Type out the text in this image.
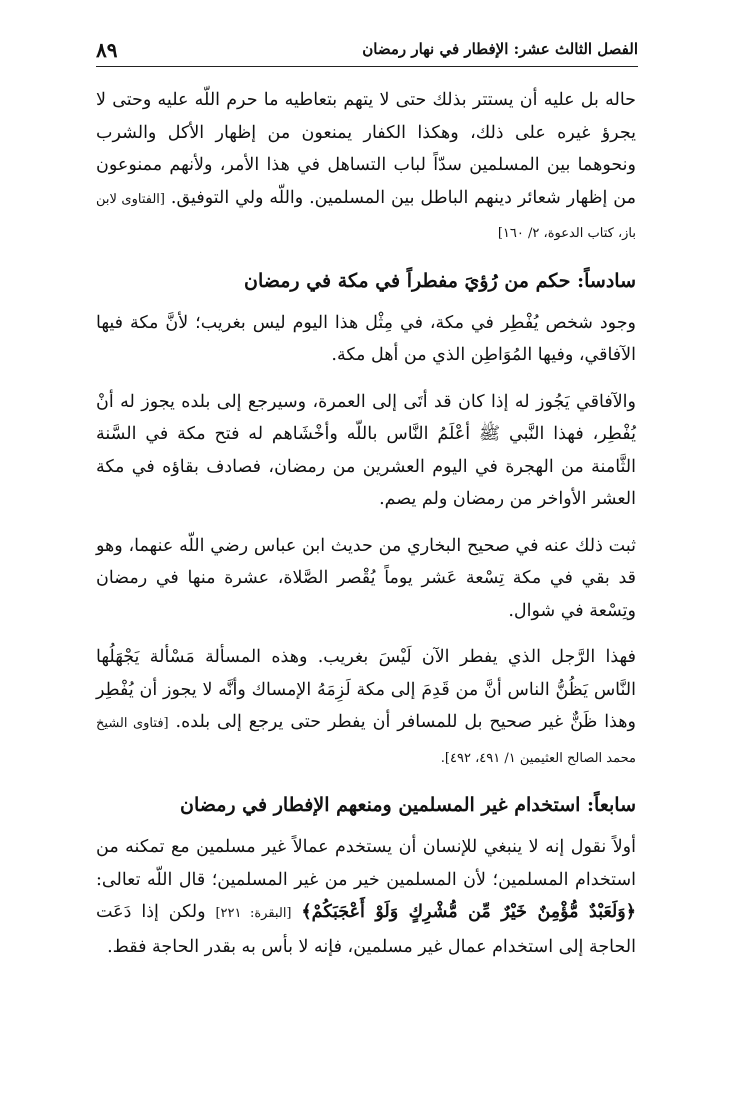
٨٩	الفصل الثالث عشر: الإفطار في نهار رمضان

حاله بل عليه أن يستتر بذلك حتى لا يتهم بتعاطيه ما حرم اللّه عليه وحتى لا يجرؤ غيره على ذلك، وهكذا الكفار يمنعون من إظهار الأكل والشرب ونحوهما بين المسلمين سدّاً لباب التساهل في هذا الأمر، ولأنهم ممنوعون من إظهار شعائر دينهم الباطل بين المسلمين. واللّه ولي التوفيق. [الفتاوى لابن باز، كتاب الدعوة، ٢/ ١٦٠]

سادساً: حكم من رُؤيَ مفطراً في مكة في رمضان

وجود شخص يُفْطِر في مكة، في مِثْل هذا اليوم ليس بغريب؛ لأنَّ مكة فيها الآفاقي، وفيها المُوَاطِن الذي من أهل مكة.

والآفاقي يَجُوز له إذا كان قد أتَى إلى العمرة، وسيرجع إلى بلده يجوز له أنْ يُفْطِر، فهذا النَّبي ﷺ أعْلَمُ النَّاس باللّه وأخْشَاهم له فتح مكة في السَّنة الثَّامنة من الهجرة في اليوم العشرين من رمضان، فصادف بقاؤه في مكة العشر الأواخر من رمضان ولم يصم.

ثبت ذلك عنه في صحيح البخاري من حديث ابن عباس رضي اللّه عنهما، وهو قد بقي في مكة تِسْعة عَشر يوماً يُقْصر الصَّلاة، عشرة منها في رمضان وتِسْعة في شوال.

فهذا الرَّجل الذي يفطر الآن لَيْسَ بغريب. وهذه المسألة مَسْألة يَجْهَلُها النَّاس يَظُنُّ الناس أنَّ من قَدِمَ إلى مكة لَزِمَهُ الإمساك وأنَّه لا يجوز أن يُفْطِر وهذا ظَنٌّ غير صحيح بل للمسافر أن يفطر حتى يرجع إلى بلده. [فتاوى الشيخ محمد الصالح العثيمين ١/ ٤٩١، ٤٩٢].

سابعاً: استخدام غير المسلمين ومنعهم الإفطار في رمضان

أولاً نقول إنه لا ينبغي للإنسان أن يستخدم عمالاً غير مسلمين مع تمكنه من استخدام المسلمين؛ لأن المسلمين خير من غير المسلمين؛ قال اللّه تعالى: ﴿وَلَعَبْدٌ مُّؤْمِنٌ خَيْرٌ مِّن مُّشْرِكٍ وَلَوْ أَعْجَبَكُمْ﴾ [البقرة: ٢٢١] ولكن إذا دَعَت الحاجة إلى استخدام عمال غير مسلمين، فإنه لا بأس به بقدر الحاجة فقط.
